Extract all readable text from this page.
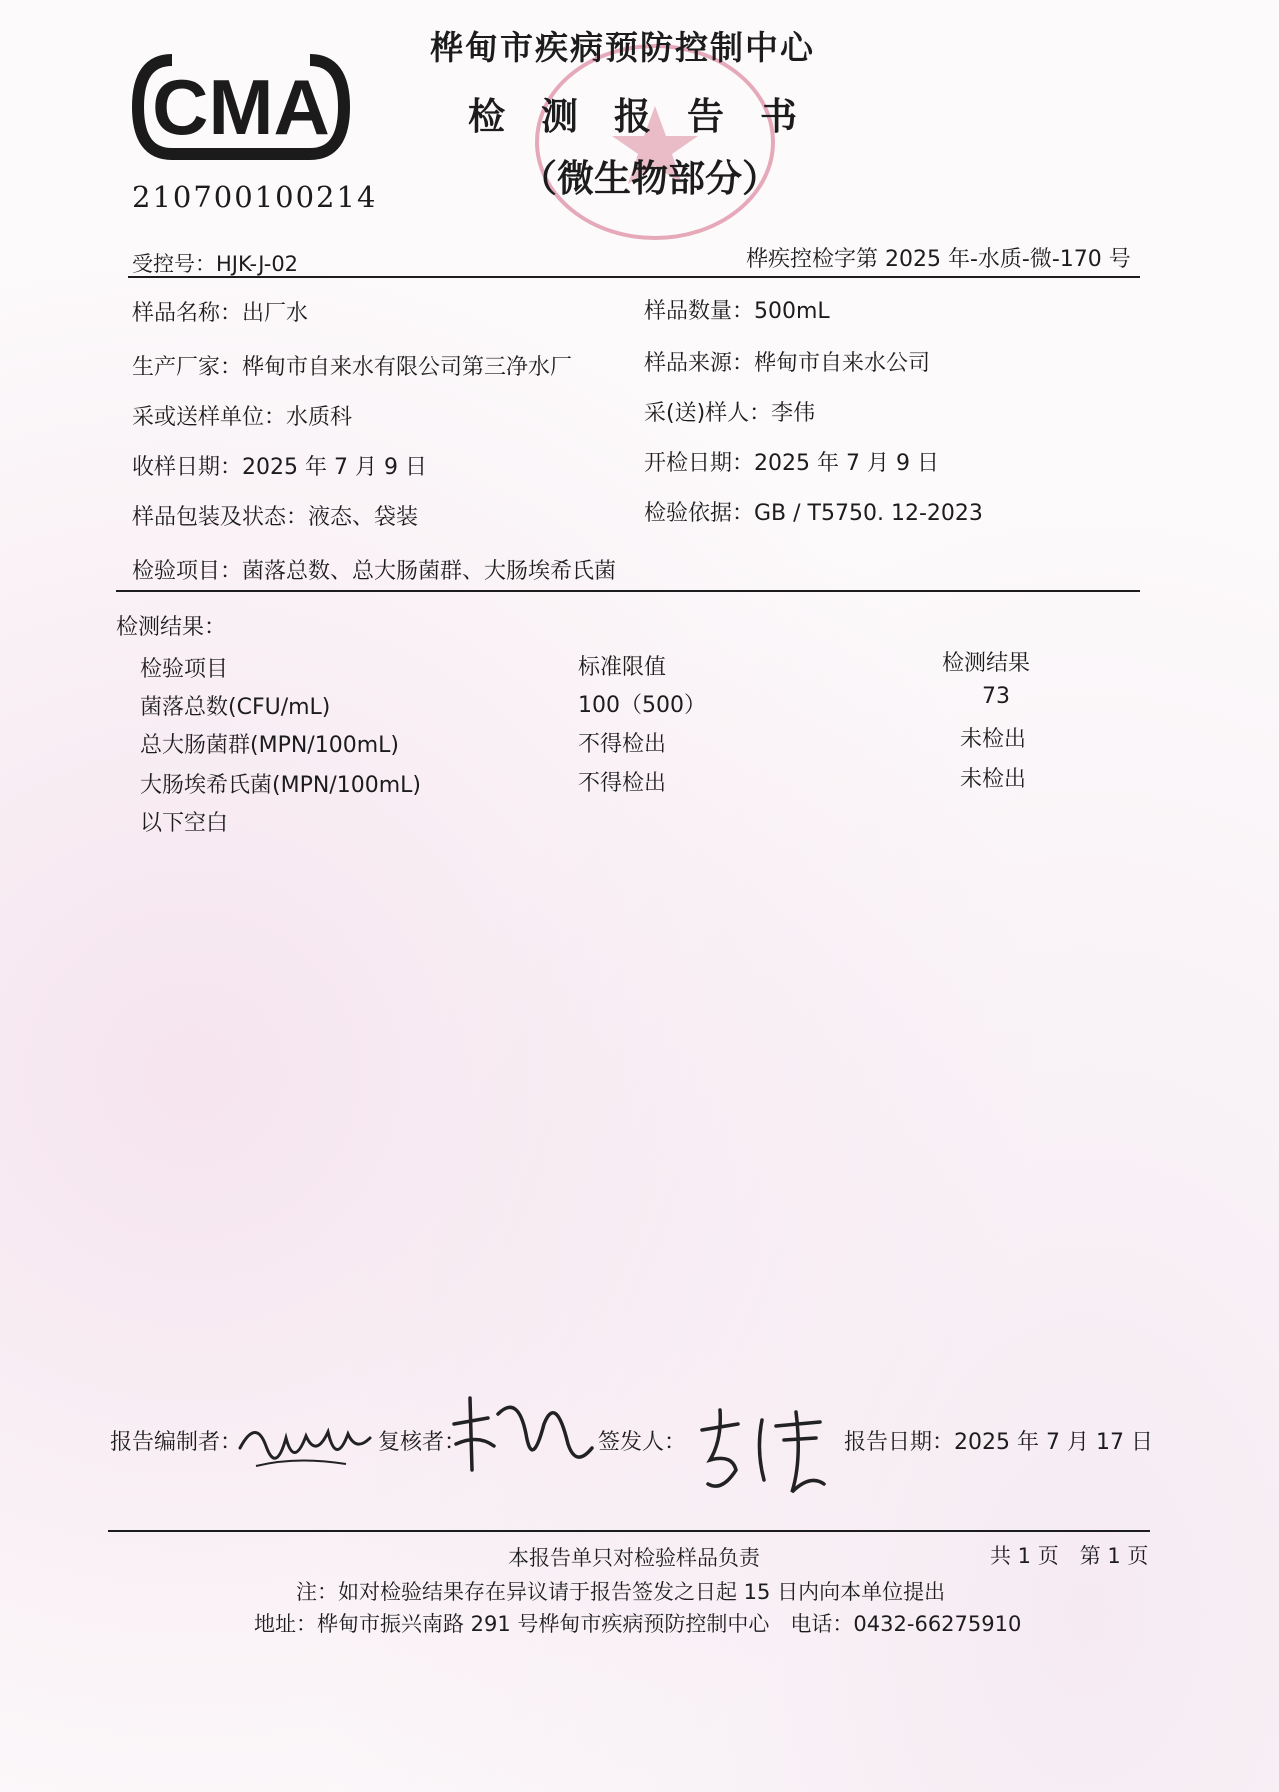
CMA
210700100214
桦甸市疾病预防控制中心
检测报告书
（微生物部分）
受控号：HJK-J-02	桦疾控检字第 2025 年-水质-微-170 号
样品名称：出厂水	样品数量：500mL
生产厂家：桦甸市自来水有限公司第三净水厂	样品来源：桦甸市自来水公司
采或送样单位：水质科	采(送)样人：李伟
收样日期：2025 年 7 月 9 日	开检日期：2025 年 7 月 9 日
样品包装及状态：液态、袋装	检验依据：GB / T5750. 12-2023
检验项目：菌落总数、总大肠菌群、大肠埃希氏菌
检测结果：
检验项目	标准限值	检测结果
菌落总数(CFU/mL)	100（500）	73
总大肠菌群(MPN/100mL)	不得检出	未检出
大肠埃希氏菌(MPN/100mL)	不得检出	未检出
以下空白
报告编制者：	复核者：	签发人：	报告日期：2025 年 7 月 17 日
本报告单只对检验样品负责	共 1 页　第 1 页
注：如对检验结果存在异议请于报告签发之日起 15 日内向本单位提出
地址：桦甸市振兴南路 291 号桦甸市疾病预防控制中心　电话：0432-66275910
